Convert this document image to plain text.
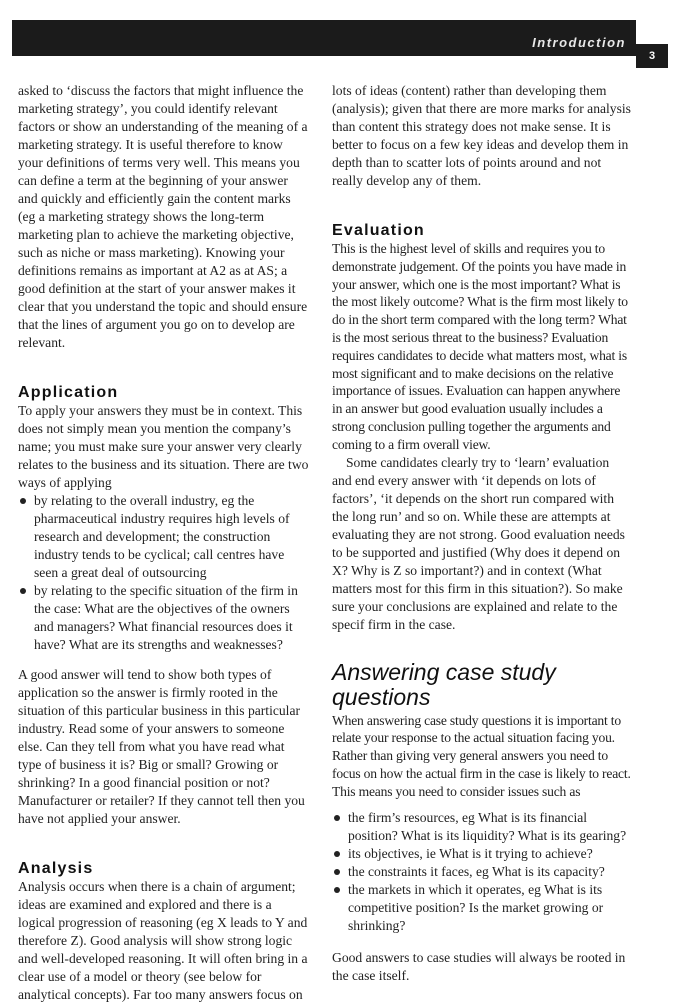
Introduction
3

asked to ‘discuss the factors that might influence the marketing strategy’, you could identify relevant factors or show an understanding of the meaning of a marketing strategy. It is useful therefore to know your definitions of terms very well. This means you can define a term at the beginning of your answer and quickly and efficiently gain the content marks (eg a marketing strategy shows the long-term marketing plan to achieve the marketing objective, such as niche or mass marketing). Knowing your definitions remains as important at A2 as at AS; a good definition at the start of your answer makes it clear that you understand the topic and should ensure that the lines of argument you go on to develop are relevant.

Application

To apply your answers they must be in context. This does not simply mean you mention the company’s name; you must make sure your answer very clearly relates to the business and its situation. There are two ways of applying

by relating to the overall industry, eg the pharmaceutical industry requires high levels of research and development; the construction industry tends to be cyclical; call centres have seen a great deal of outsourcing
by relating to the specific situation of the firm in the case: What are the objectives of the owners and managers? What financial resources does it have? What are its strengths and weaknesses?

A good answer will tend to show both types of application so the answer is firmly rooted in the situation of this particular business in this particular industry. Read some of your answers to someone else. Can they tell from what you have read what type of business it is? Big or small? Growing or shrinking? In a good financial position or not? Manufacturer or retailer? If they cannot tell then you have not applied your answer.

Analysis

Analysis occurs when there is a chain of argument; ideas are examined and explored and there is a logical progression of reasoning (eg X leads to Y and therefore Z). Good analysis will show strong logic and well-developed reasoning. It will often bring in a clear use of a model or theory (see below for analytical concepts). Far too many answers focus on

lots of ideas (content) rather than developing them (analysis); given that there are more marks for analysis than content this strategy does not make sense. It is better to focus on a few key ideas and develop them in depth than to scatter lots of points around and not really develop any of them.

Evaluation

This is the highest level of skills and requires you to demonstrate judgement. Of the points you have made in your answer, which one is the most important? What is the most likely outcome? What is the firm most likely to do in the short term compared with the long term? What is the most serious threat to the business? Evaluation requires candidates to decide what matters most, what is most significant and to make decisions on the relative importance of issues. Evaluation can happen anywhere in an answer but good evaluation usually includes a strong conclusion pulling together the arguments and coming to a firm overall view.

Some candidates clearly try to ‘learn’ evaluation and end every answer with ‘it depends on lots of factors’, ‘it depends on the short run compared with the long run’ and so on. While these are attempts at evaluating they are not strong. Good evaluation needs to be supported and justified (Why does it depend on X? Why is Z so important?) and in context (What matters most for this firm in this situation?). So make sure your conclusions are explained and relate to the specif firm in the case.

Answering case study questions

When answering case study questions it is important to relate your response to the actual situation facing you. Rather than giving very general answers you need to focus on how the actual firm in the case is likely to react. This means you need to consider issues such as

the firm’s resources, eg What is its financial position? What is its liquidity? What is its gearing?
its objectives, ie What is it trying to achieve?
the constraints it faces, eg What is its capacity?
the markets in which it operates, eg What is its competitive position? Is the market growing or shrinking?

Good answers to case studies will always be rooted in the case itself.
